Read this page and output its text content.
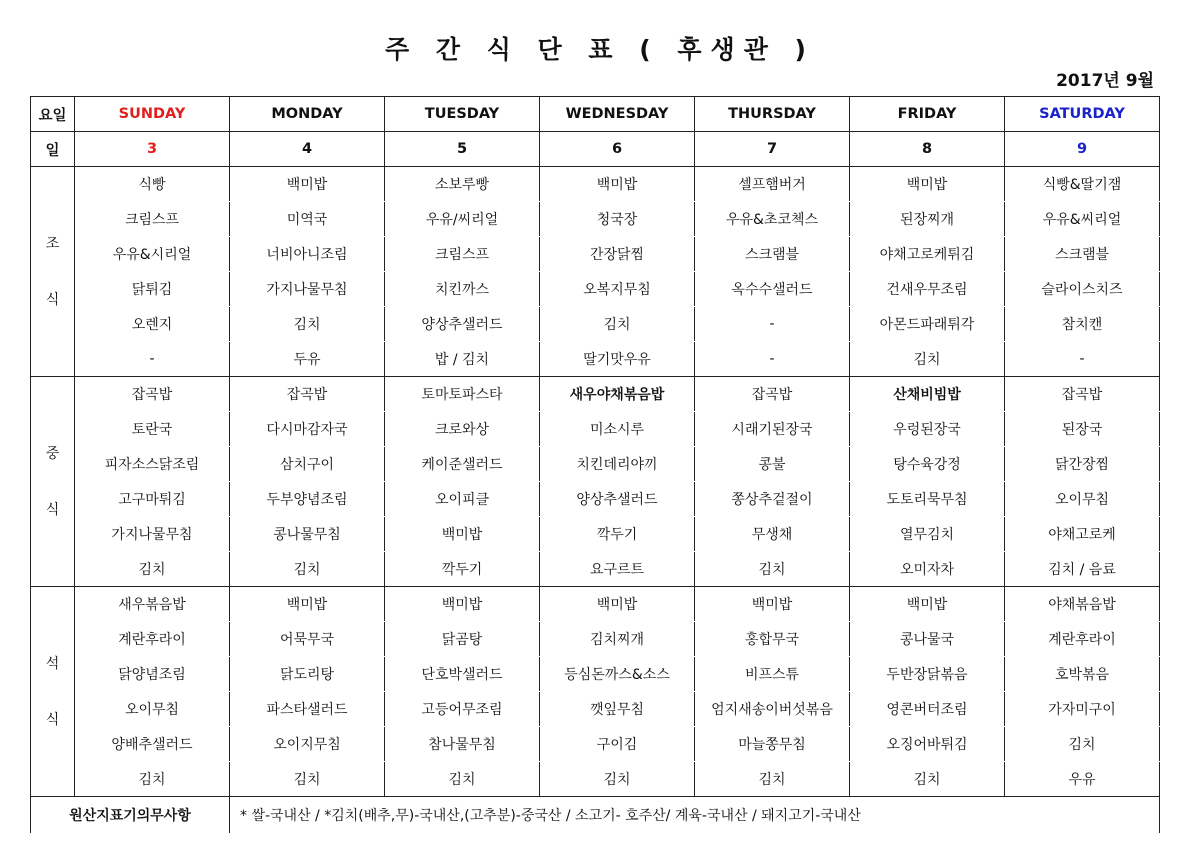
주 간 식 단 표 ( 후생관 )
2017년 9월
요일	SUNDAY	MONDAY	TUESDAY	WEDNESDAY	THURSDAY	FRIDAY	SATURDAY
일	3	4	5	6	7	8	9

조
식	식빵	백미밥	소보루빵	백미밥	셀프햄버거	백미밥	식빵&딸기잼
	크림스프	미역국	우유/씨리얼	청국장	우유&초코첵스	된장찌개	우유&씨리얼
	우유&시리얼	너비아니조림	크림스프	간장닭찜	스크램블	야채고로케튀김	스크램블
	닭튀김	가지나물무침	치킨까스	오복지무침	옥수수샐러드	건새우무조림	슬라이스치즈
	오렌지	김치	양상추샐러드	김치	-	아몬드파래튀각	참치캔
	-	두유	밥 / 김치	딸기맛우유	-	김치	-

중
식	잡곡밥	잡곡밥	토마토파스타	새우야채볶음밥	잡곡밥	산채비빔밥	잡곡밥
	토란국	다시마감자국	크로와상	미소시루	시래기된장국	우렁된장국	된장국
	피자소스닭조림	삼치구이	케이준샐러드	치킨데리야끼	콩불	탕수육강정	닭간장찜
	고구마튀김	두부양념조림	오이피클	양상추샐러드	쫑상추겉절이	도토리묵무침	오이무침
	가지나물무침	콩나물무침	백미밥	깍두기	무생채	열무김치	야채고로케
	김치	김치	깍두기	요구르트	김치	오미자차	김치 / 음료

석
식	새우볶음밥	백미밥	백미밥	백미밥	백미밥	백미밥	야채볶음밥
	계란후라이	어묵무국	닭곰탕	김치찌개	홍합무국	콩나물국	계란후라이
	닭양념조림	닭도리탕	단호박샐러드	등심돈까스&소스	비프스튜	두반장닭볶음	호박볶음
	오이무침	파스타샐러드	고등어무조림	깻잎무침	엄지새송이버섯볶음	영콘버터조림	가자미구이
	양배추샐러드	오이지무침	참나물무침	구이김	마늘쫑무침	오징어바튀김	김치
	김치	김치	김치	김치	김치	김치	우유
원산지표기의무사항		* 쌀-국내산 / *김치(배추,무)-국내산,(고추분)-중국산 / 소고기- 호주산/ 계육-국내산 / 돼지고기-국내산					
